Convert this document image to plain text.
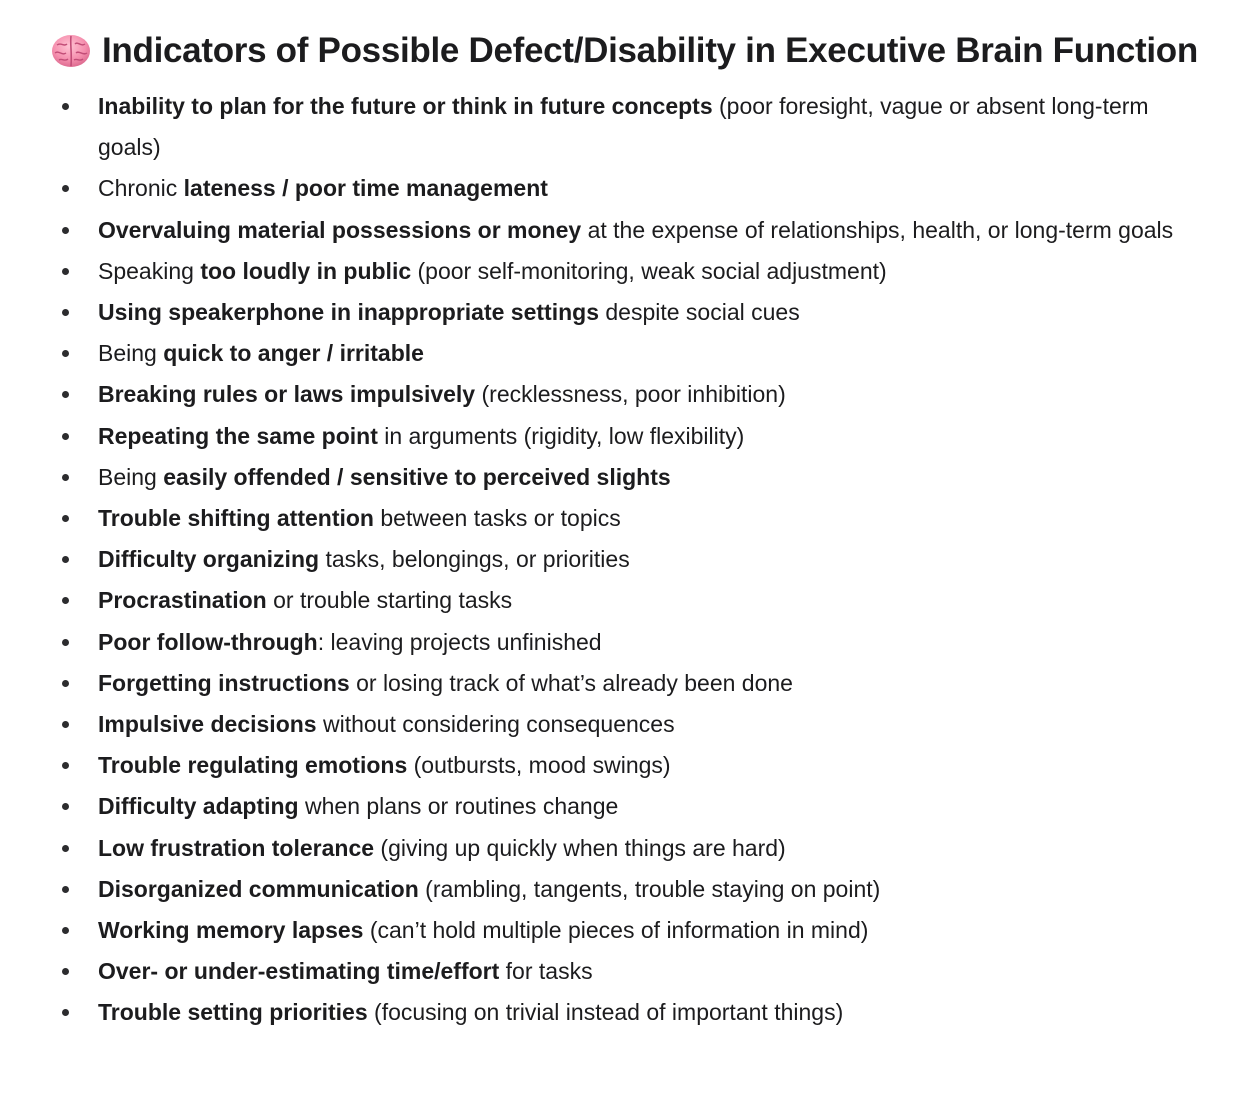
Indicators of Possible Defect/Disability in Executive Brain Function
Inability to plan for the future or think in future concepts (poor foresight, vague or absent long-term goals)
Chronic lateness / poor time management
Overvaluing material possessions or money at the expense of relationships, health, or long-term goals
Speaking too loudly in public (poor self-monitoring, weak social adjustment)
Using speakerphone in inappropriate settings despite social cues
Being quick to anger / irritable
Breaking rules or laws impulsively (recklessness, poor inhibition)
Repeating the same point in arguments (rigidity, low flexibility)
Being easily offended / sensitive to perceived slights
Trouble shifting attention between tasks or topics
Difficulty organizing tasks, belongings, or priorities
Procrastination or trouble starting tasks
Poor follow-through: leaving projects unfinished
Forgetting instructions or losing track of what’s already been done
Impulsive decisions without considering consequences
Trouble regulating emotions (outbursts, mood swings)
Difficulty adapting when plans or routines change
Low frustration tolerance (giving up quickly when things are hard)
Disorganized communication (rambling, tangents, trouble staying on point)
Working memory lapses (can’t hold multiple pieces of information in mind)
Over- or under-estimating time/effort for tasks
Trouble setting priorities (focusing on trivial instead of important things)
